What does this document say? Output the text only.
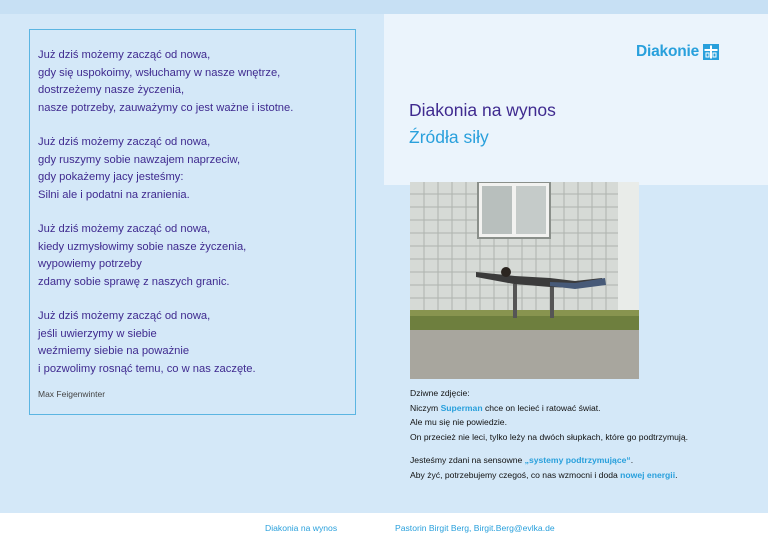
Już dziś możemy zacząć od nowa,
gdy się uspokoimy, wsłuchamy w nasze wnętrze,
dostrzeżemy nasze życzenia,
nasze potrzeby, zauważymy co jest ważne i istotne.
Już dziś możemy zacząć od nowa,
gdy ruszymy sobie nawzajem naprzeciw,
gdy pokażemy jacy jesteśmy:
Silni ale i podatni na zranienia.
Już dziś możemy zacząć od nowa,
kiedy uzmysłowimy sobie nasze życzenia,
wypowiemy potrzeby
zdamy sobie sprawę z naszych granic.
Już dziś możemy zacząć od nowa,
jeśli uwierzymy w siebie
weźmiemy siebie na poważnie
i pozwolimy rosnąć temu, co w nas zaczęte.

Max Feigenwinter

Diakonie
Diakonia na wynos
Źródła siły

Dziwne zdjęcie:

Niczym Superman chce on lecieć i ratować świat.

Ale mu się nie powiedzie.

On przecież nie leci, tylko leży na dwóch słupkach, które go podtrzymują.

Jesteśmy zdani na sensowne „systemy podtrzymujące“.

Aby żyć, potrzebujemy czegoś, co nas wzmocni i doda nowej energii.

Diakonia na wynos	Pastorin Birgit Berg, Birgit.Berg@evlka.de
